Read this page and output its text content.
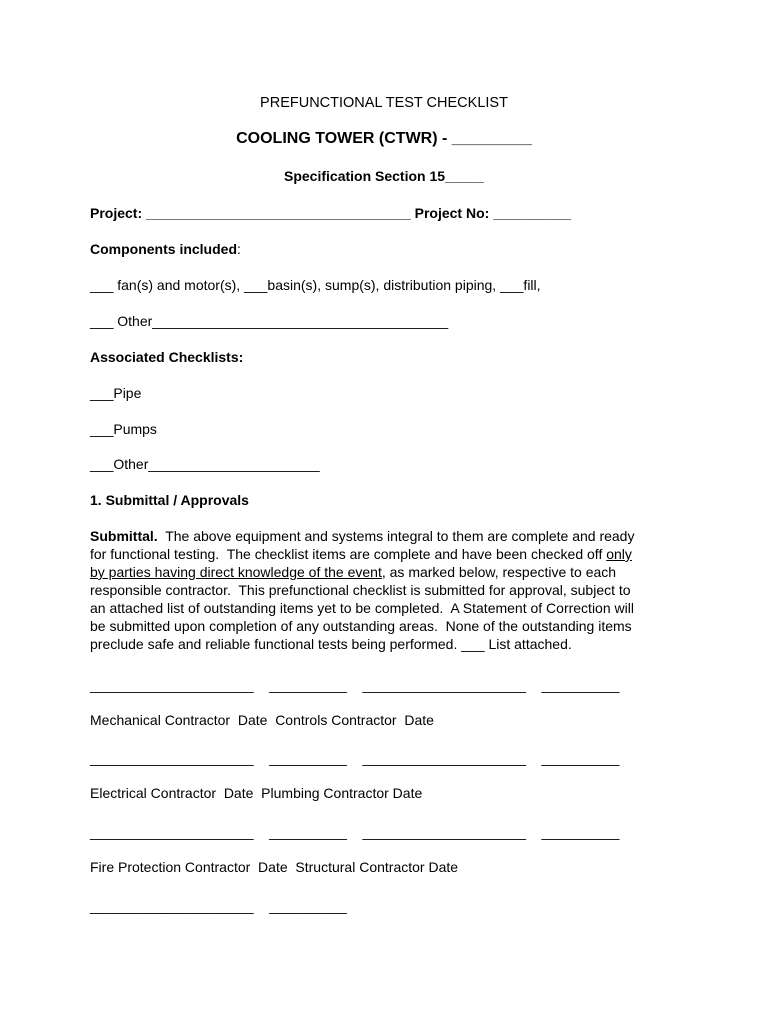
PREFUNCTIONAL TEST CHECKLIST
COOLING TOWER (CTWR) - _________
Specification Section 15_____
Project: __________________________________ Project No: __________
Components included:
___ fan(s) and motor(s), ___basin(s), sump(s), distribution piping, ___fill,
___ Other______________________________________
Associated Checklists:
___Pipe
___Pumps
___Other______________________
1. Submittal / Approvals
Submittal.  The above equipment and systems integral to them are complete and ready
for functional testing.  The checklist items are complete and have been checked off only
by parties having direct knowledge of the event, as marked below, respective to each
responsible contractor.  This prefunctional checklist is submitted for approval, subject to
an attached list of outstanding items yet to be completed.  A Statement of Correction will
be submitted upon completion of any outstanding areas.  None of the outstanding items
preclude safe and reliable functional tests being performed. ___ List attached.
_____________________    __________    _____________________    __________
Mechanical Contractor  Date  Controls Contractor  Date
_____________________    __________    _____________________    __________
Electrical Contractor  Date  Plumbing Contractor Date
_____________________    __________    _____________________    __________
Fire Protection Contractor  Date  Structural Contractor Date
_____________________    __________
